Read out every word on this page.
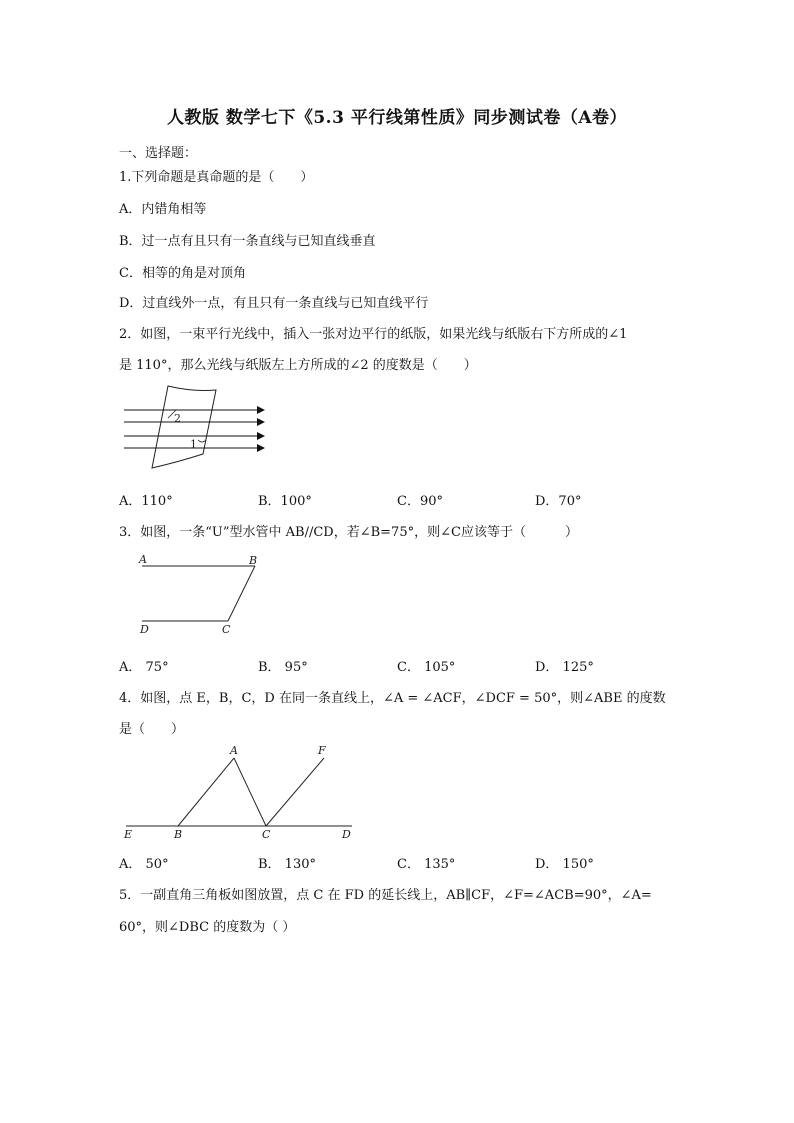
人教版 数学七下《5.3 平行线第性质》同步测试卷（A卷）
一、选择题：
1.下列命题是真命题的是（　　）
A．内错角相等
B．过一点有且只有一条直线与已知直线垂直
C．相等的角是对顶角
D．过直线外一点，有且只有一条直线与已知直线平行
2．如图，一束平行光线中，插入一张对边平行的纸版，如果光线与纸版右下方所成的∠1
是 110°，那么光线与纸版左上方所成的∠2 的度数是（　　）
2
1
A．110°	B．100°	C．90°	D．70°
3．如图，一条“U”型水管中 AB//CD，若∠B=75°，则∠C应该等于（　　　）
A	B
D	C
A． 75°	B． 95°	C． 105°	D． 125°
4．如图，点 E，B，C，D 在同一条直线上，∠A = ∠ACF，∠DCF = 50°，则∠ABE 的度数
是（　　）
A	F
E	B	C	D
A． 50°	B． 130°	C． 135°	D． 150°
5．一副直角三角板如图放置，点 C 在 FD 的延长线上，AB∥CF，∠F=∠ACB=90°，∠A=
60°，则∠DBC 的度数为（ ）
